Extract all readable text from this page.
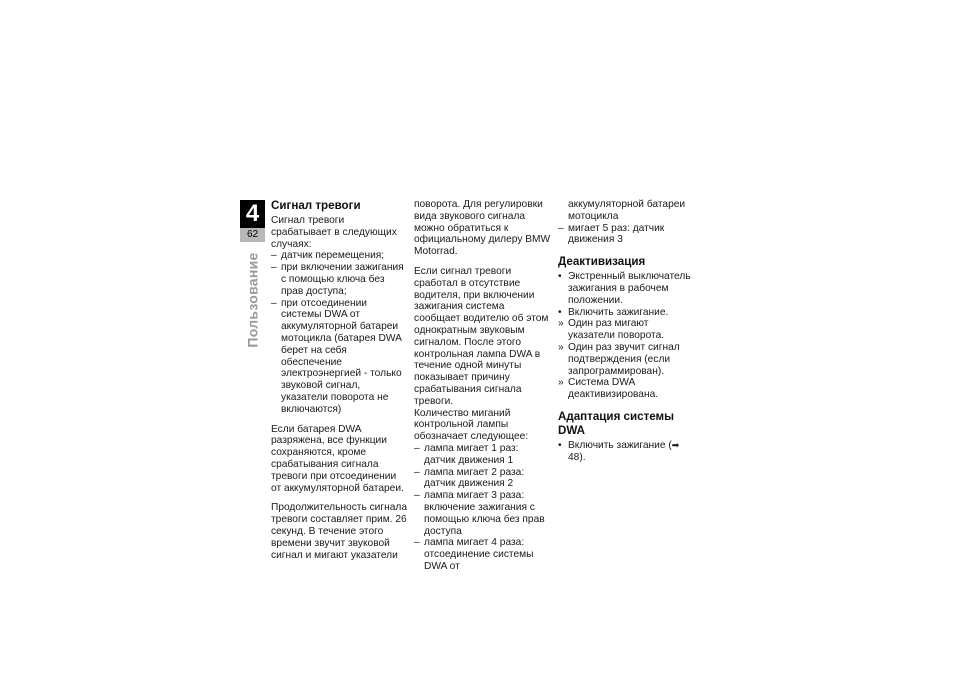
4
62
Пользование
Сигнал тревоги

Сигнал тревоги срабатывает в следующих случаях:

– датчик перемещения;
– при включении зажигания с помощью ключа без прав доступа;
– при отсоединении системы DWA от аккумуляторной батареи мотоцикла (батарея DWA берет на себя обеспечение электроэнергией - только звуковой сигнал, указатели поворота не включаются)

Если батарея DWA разряжена, все функции сохраняются, кроме срабатывания сигнала тревоги при отсоединении от аккумуляторной батареи.

Продолжительность сигнала тревоги составляет прим. 26 секунд. В течение этого времени звучит звуковой сигнал и мигают указатели

поворота. Для регулировки вида звукового сигнала можно обратиться к официальному дилеру BMW Motorrad.

Если сигнал тревоги сработал в отсутствие водителя, при включении зажигания система сообщает водителю об этом однократным звуковым сигналом. После этого контрольная лампа DWA в течение одной минуты показывает причину срабатывания сигнала тревоги.

Количество миганий контрольной лампы обозначает следующее:

– лампа мигает 1 раз: датчик движения 1
– лампа мигает 2 раза: датчик движения 2
– лампа мигает 3 раза: включение зажигания с помощью ключа без прав доступа
– лампа мигает 4 раза: отсоединение системы DWA от
аккумуляторной батареи мотоцикла
– мигает 5 раз: датчик движения 3
Деактивизация
• Экстренный выключатель зажигания в рабочем положении.
• Включить зажигание.
» Один раз мигают указатели поворота.
» Один раз звучит сигнал подтверждения (если запрограммирован).
» Система DWA деактивизирована.
Адаптация системы DWA
• Включить зажигание (➡ 48).
